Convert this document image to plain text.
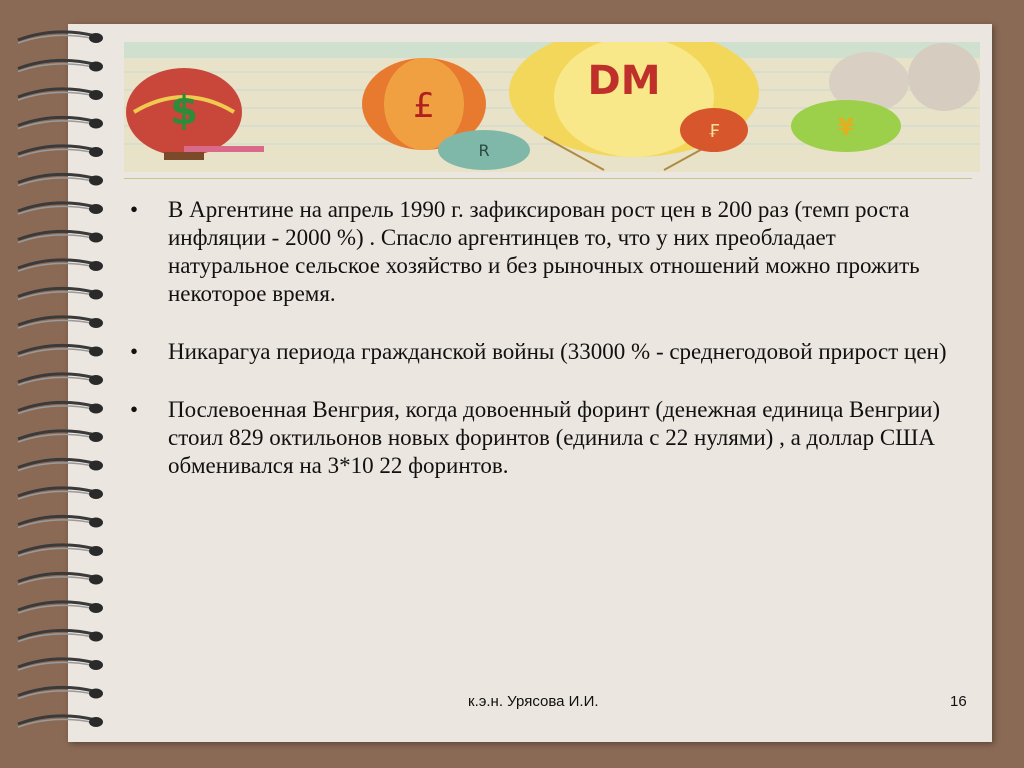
$	£
DM
R
₣	¥
• В Аргентине на апрель 1990 г. зафиксирован рост цен в 200 раз (темп роста инфляции - 2000 %) . Спасло аргентинцев то, что у них преобладает натуральное сельское хозяйство и без рыночных отношений можно прожить некоторое время.
• Никарагуа периода гражданской войны (33000 % - среднегодовой прирост цен)
• Послевоенная Венгрия, когда довоенный форинт (денежная единица Венгрии) стоил 829 октильонов новых форинтов (единила с 22 нулями) , а доллар США обменивался на 3*10 22 форинтов.
к.э.н. Урясова И.И.	16
